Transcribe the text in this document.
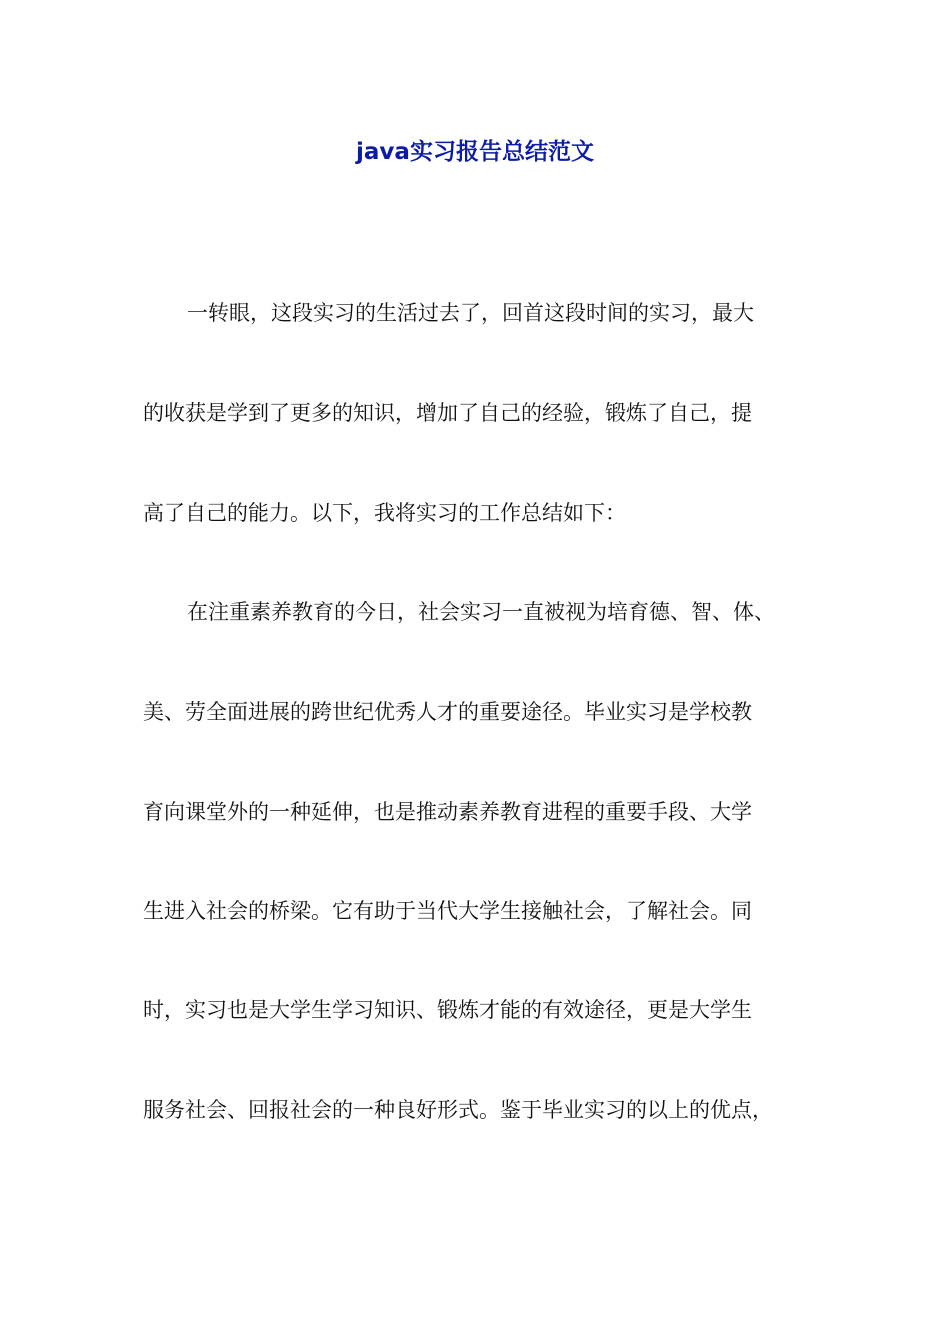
java实习报告总结范文

一转眼，这段实习的生活过去了，回首这段时间的实习，最大

的收获是学到了更多的知识，增加了自己的经验，锻炼了自己，提

高了自己的能力。以下，我将实习的工作总结如下：

在注重素养教育的今日，社会实习一直被视为培育德、智、体、

美、劳全面进展的跨世纪优秀人才的重要途径。毕业实习是学校教

育向课堂外的一种延伸，也是推动素养教育进程的重要手段、大学

生进入社会的桥梁。它有助于当代大学生接触社会，了解社会。同

时，实习也是大学生学习知识、锻炼才能的有效途径，更是大学生

服务社会、回报社会的一种良好形式。鉴于毕业实习的以上的优点，
